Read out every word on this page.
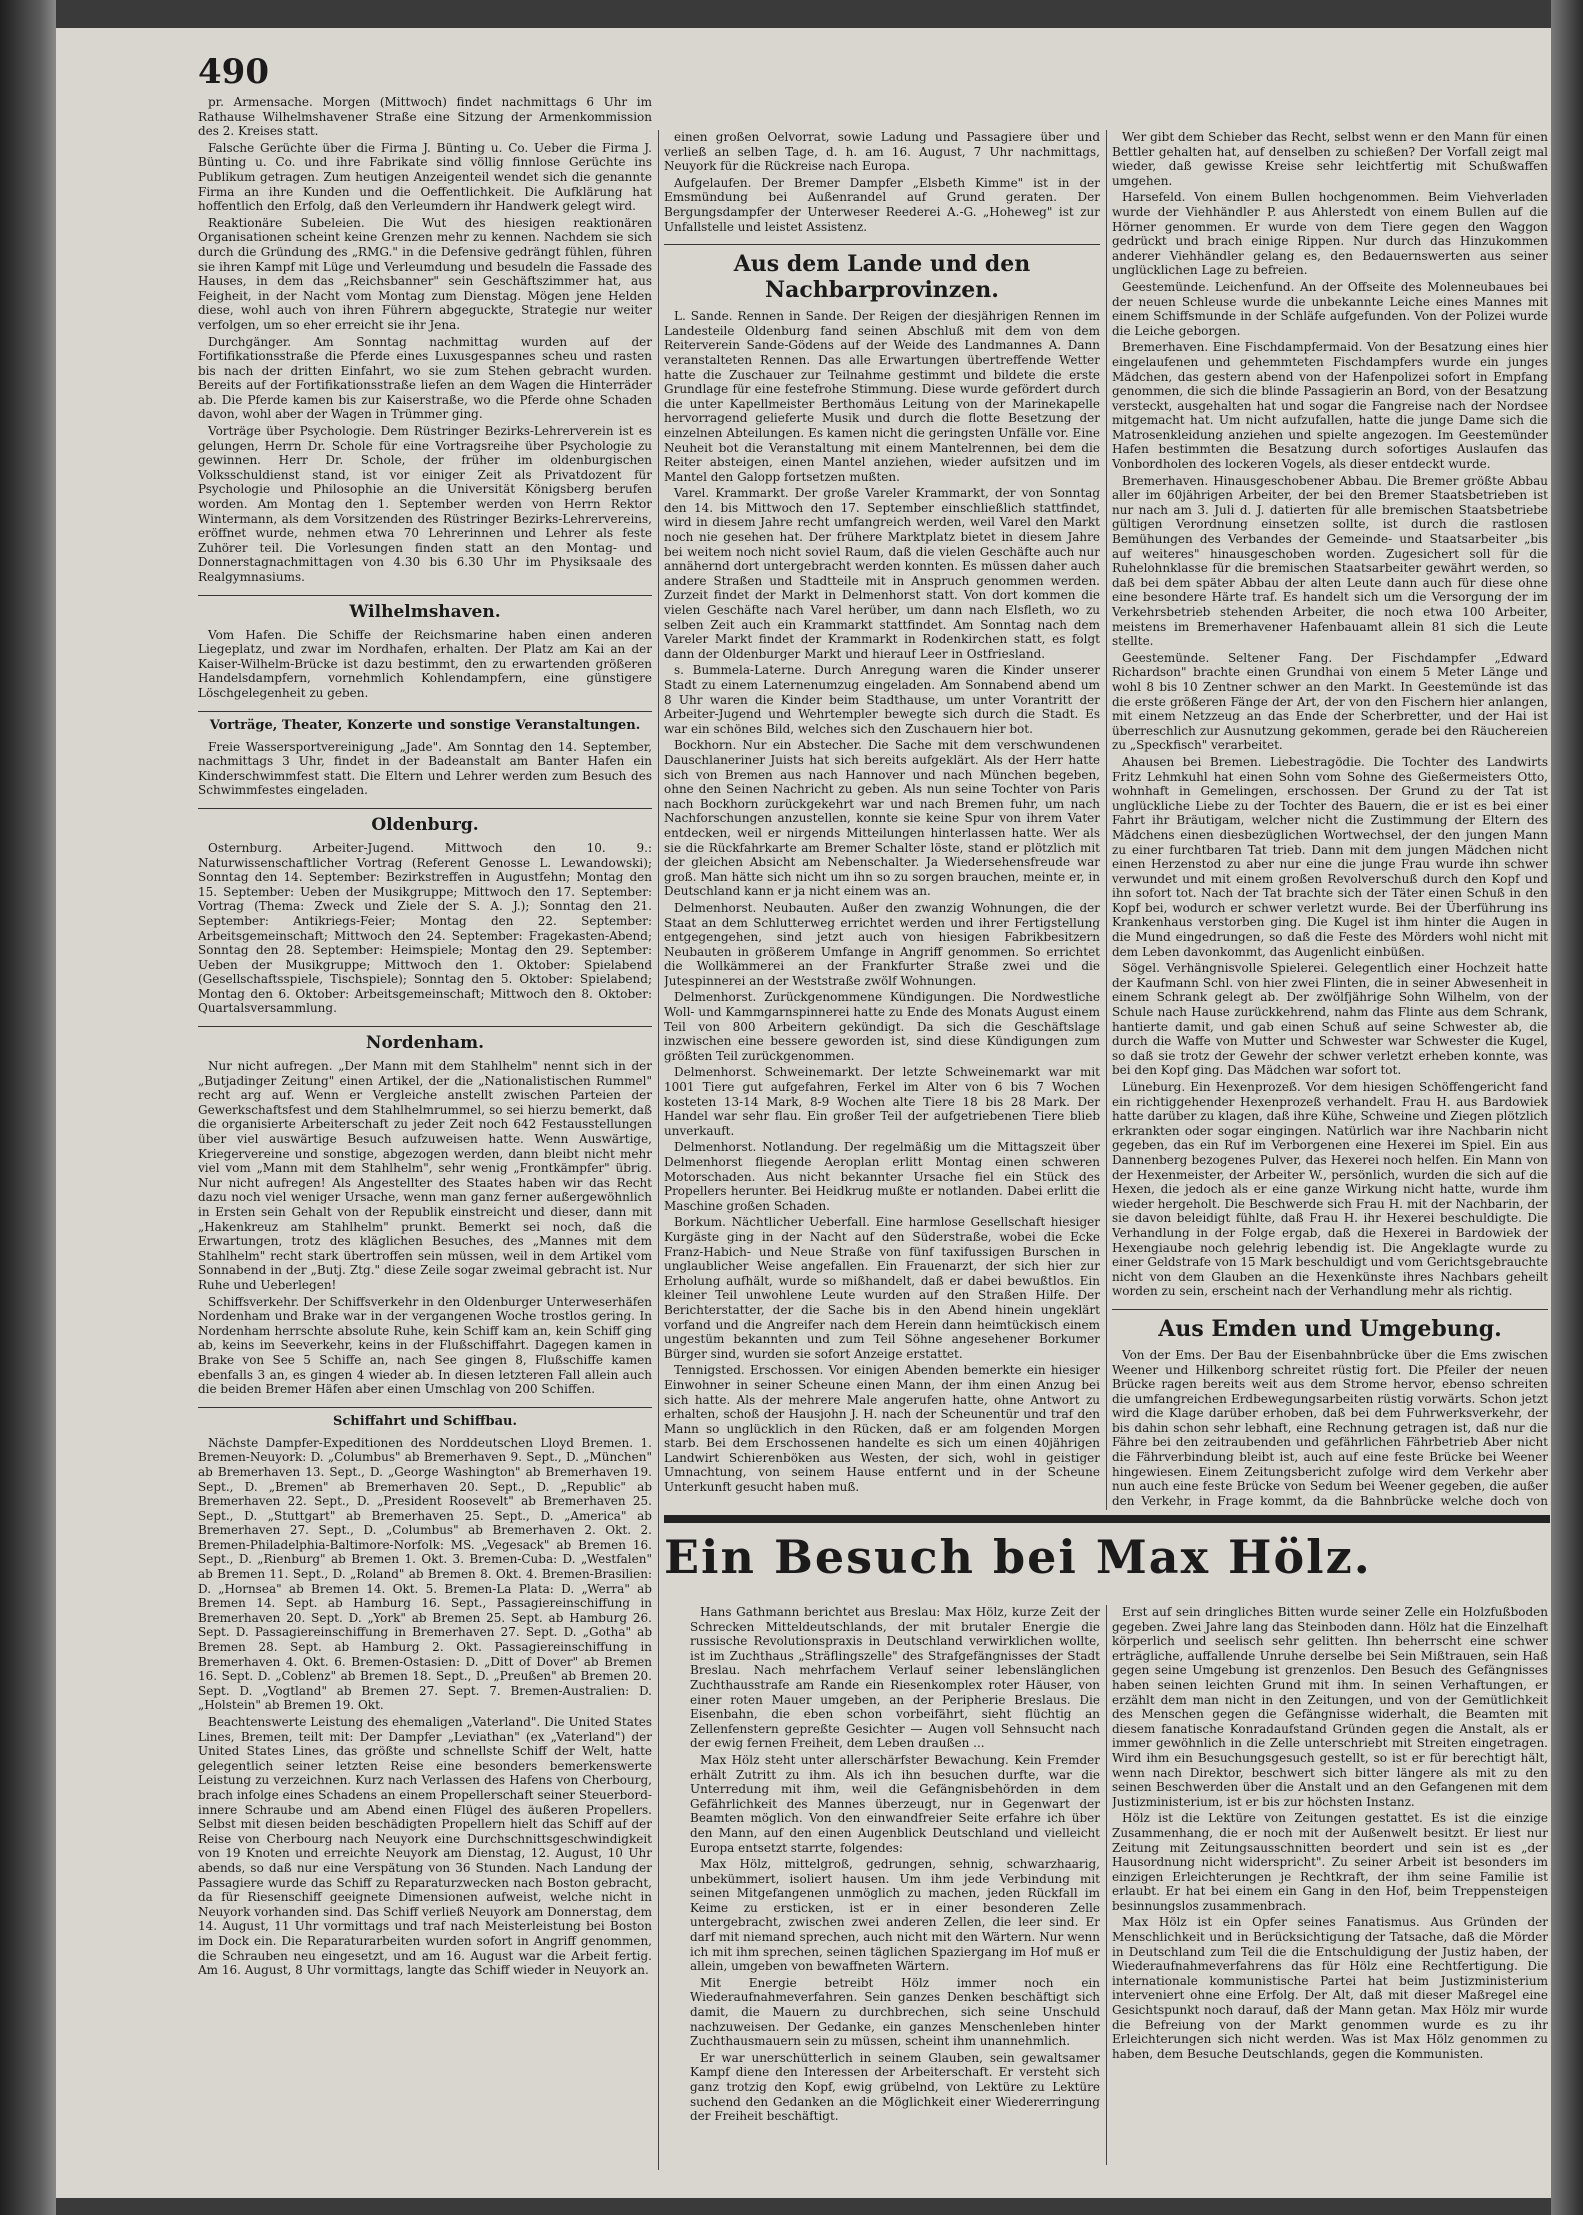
490

pr. Armensache. Morgen (Mittwoch) findet nachmittags 6 Uhr im Rathause Wilhelmshavener Straße eine Sitzung der Armenkommission des 2. Kreises statt.

Falsche Gerüchte über die Firma J. Bünting u. Co. Ueber die Firma J. Bünting u. Co. und ihre Fabrikate sind völlig finnlose Gerüchte ins Publikum getragen. Zum heutigen Anzeigenteil wendet sich die genannte Firma an ihre Kunden und die Oeffentlichkeit. Die Aufklärung hat hoffentlich den Erfolg, daß den Verleumdern ihr Handwerk gelegt wird.

Reaktionäre Subeleien. Die Wut des hiesigen reaktionären Organisationen scheint keine Grenzen mehr zu kennen. Nachdem sie sich durch die Gründung des „RMG." in die Defensive gedrängt fühlen, führen sie ihren Kampf mit Lüge und Verleumdung und besudeln die Fassade des Hauses, in dem das „Reichsbanner" sein Geschäftszimmer hat, aus Feigheit, in der Nacht vom Montag zum Dienstag. Mögen jene Helden diese, wohl auch von ihren Führern abgeguckte, Strategie nur weiter verfolgen, um so eher erreicht sie ihr Jena.

Durchgänger. Am Sonntag nachmittag wurden auf der Fortifikationsstraße die Pferde eines Luxusgespannes scheu und rasten bis nach der dritten Einfahrt, wo sie zum Stehen gebracht wurden. Bereits auf der Fortifikationsstraße liefen an dem Wagen die Hinterräder ab. Die Pferde kamen bis zur Kaiserstraße, wo die Pferde ohne Schaden davon, wohl aber der Wagen in Trümmer ging.

Vorträge über Psychologie. Dem Rüstringer Bezirks-Lehrerverein ist es gelungen, Herrn Dr. Schole für eine Vortragsreihe über Psychologie zu gewinnen. Herr Dr. Schole, der früher im oldenburgischen Volksschuldienst stand, ist vor einiger Zeit als Privatdozent für Psychologie und Philosophie an die Universität Königsberg berufen worden. Am Montag den 1. September werden von Herrn Rektor Wintermann, als dem Vorsitzenden des Rüstringer Bezirks-Lehrervereins, eröffnet wurde, nehmen etwa 70 Lehrerinnen und Lehrer als feste Zuhörer teil. Die Vorlesungen finden statt an den Montag- und Donnerstagnachmittagen von 4.30 bis 6.30 Uhr im Physiksaale des Realgymnasiums.

Wilhelmshaven.

Vom Hafen. Die Schiffe der Reichsmarine haben einen anderen Liegeplatz, und zwar im Nordhafen, erhalten. Der Platz am Kai an der Kaiser-Wilhelm-Brücke ist dazu bestimmt, den zu erwartenden größeren Handelsdampfern, vornehmlich Kohlendampfern, eine günstigere Löschgelegenheit zu geben.

Vorträge, Theater, Konzerte und sonstige Veranstaltungen.

Freie Wassersportvereinigung „Jade". Am Sonntag den 14. September, nachmittags 3 Uhr, findet in der Badeanstalt am Banter Hafen ein Kinderschwimmfest statt. Die Eltern und Lehrer werden zum Besuch des Schwimmfestes eingeladen.

Oldenburg.

Osternburg. Arbeiter-Jugend. Mittwoch den 10. 9.: Naturwissenschaftlicher Vortrag (Referent Genosse L. Lewandowski); Sonntag den 14. September: Bezirkstreffen in Augustfehn; Montag den 15. September: Ueben der Musikgruppe; Mittwoch den 17. September: Vortrag (Thema: Zweck und Ziele der S. A. J.); Sonntag den 21. September: Antikriegs-Feier; Montag den 22. September: Arbeitsgemeinschaft; Mittwoch den 24. September: Fragekasten-Abend; Sonntag den 28. September: Heimspiele; Montag den 29. September: Ueben der Musikgruppe; Mittwoch den 1. Oktober: Spielabend (Gesellschaftsspiele, Tischspiele); Sonntag den 5. Oktober: Spielabend; Montag den 6. Oktober: Arbeitsgemeinschaft; Mittwoch den 8. Oktober: Quartalsversammlung.

Nordenham.

Nur nicht aufregen. „Der Mann mit dem Stahlhelm" nennt sich in der „Butjadinger Zeitung" einen Artikel, der die „Nationalistischen Rummel" recht arg auf. Wenn er Vergleiche anstellt zwischen Parteien der Gewerkschaftsfest und dem Stahlhelmrummel, so sei hierzu bemerkt, daß die organisierte Arbeiterschaft zu jeder Zeit noch 642 Festausstellungen über viel auswärtige Besuch aufzuweisen hatte. Wenn Auswärtige, Kriegervereine und sonstige, abgezogen werden, dann bleibt nicht mehr viel vom „Mann mit dem Stahlhelm", sehr wenig „Frontkämpfer" übrig. Nur nicht aufregen! Als Angestellter des Staates haben wir das Recht dazu noch viel weniger Ursache, wenn man ganz ferner außergewöhnlich in Ersten sein Gehalt von der Republik einstreicht und dieser, dann mit „Hakenkreuz am Stahlhelm" prunkt. Bemerkt sei noch, daß die Erwartungen, trotz des kläglichen Besuches, des „Mannes mit dem Stahlhelm" recht stark übertroffen sein müssen, weil in dem Artikel vom Sonnabend in der „Butj. Ztg." diese Zeile sogar zweimal gebracht ist. Nur Ruhe und Ueberlegen!

Schiffsverkehr. Der Schiffsverkehr in den Oldenburger Unterweserhäfen Nordenham und Brake war in der vergangenen Woche trostlos gering. In Nordenham herrschte absolute Ruhe, kein Schiff kam an, kein Schiff ging ab, keins im Seeverkehr, keins in der Flußschiffahrt. Dagegen kamen in Brake von See 5 Schiffe an, nach See gingen 8, Flußschiffe kamen ebenfalls 3 an, es gingen 4 wieder ab. In diesen letzteren Fall allein auch die beiden Bremer Häfen aber einen Umschlag von 200 Schiffen.

Schiffahrt und Schiffbau.

Nächste Dampfer-Expeditionen des Norddeutschen Lloyd Bremen. 1. Bremen-Neuyork: D. „Columbus" ab Bremerhaven 9. Sept., D. „München" ab Bremerhaven 13. Sept., D. „George Washington" ab Bremerhaven 19. Sept., D. „Bremen" ab Bremerhaven 20. Sept., D. „Republic" ab Bremerhaven 22. Sept., D. „President Roosevelt" ab Bremerhaven 25. Sept., D. „Stuttgart" ab Bremerhaven 25. Sept., D. „America" ab Bremerhaven 27. Sept., D. „Columbus" ab Bremerhaven 2. Okt. 2. Bremen-Philadelphia-Baltimore-Norfolk: MS. „Vegesack" ab Bremen 16. Sept., D. „Rienburg" ab Bremen 1. Okt. 3. Bremen-Cuba: D. „Westfalen" ab Bremen 11. Sept., D. „Roland" ab Bremen 8. Okt. 4. Bremen-Brasilien: D. „Hornsea" ab Bremen 14. Okt. 5. Bremen-La Plata: D. „Werra" ab Bremen 14. Sept. ab Hamburg 16. Sept., Passagiereinschiffung in Bremerhaven 20. Sept. D. „York" ab Bremen 25. Sept. ab Hamburg 26. Sept. D. Passagiereinschiffung in Bremerhaven 27. Sept. D. „Gotha" ab Bremen 28. Sept. ab Hamburg 2. Okt. Passagiereinschiffung in Bremerhaven 4. Okt. 6. Bremen-Ostasien: D. „Ditt of Dover" ab Bremen 16. Sept. D. „Coblenz" ab Bremen 18. Sept., D. „Preußen" ab Bremen 20. Sept. D. „Vogtland" ab Bremen 27. Sept. 7. Bremen-Australien: D. „Holstein" ab Bremen 19. Okt.

Beachtenswerte Leistung des ehemaligen „Vaterland". Die United States Lines, Bremen, teilt mit: Der Dampfer „Leviathan" (ex „Vaterland") der United States Lines, das größte und schnellste Schiff der Welt, hatte gelegentlich seiner letzten Reise eine besonders bemerkenswerte Leistung zu verzeichnen. Kurz nach Verlassen des Hafens von Cherbourg, brach infolge eines Schadens an einem Propellerschaft seiner Steuerbord-innere Schraube und am Abend einen Flügel des äußeren Propellers. Selbst mit diesen beiden beschädigten Propellern hielt das Schiff auf der Reise von Cherbourg nach Neuyork eine Durchschnittsgeschwindigkeit von 19 Knoten und erreichte Neuyork am Dienstag, 12. August, 10 Uhr abends, so daß nur eine Verspätung von 36 Stunden. Nach Landung der Passagiere wurde das Schiff zu Reparaturzwecken nach Boston gebracht, da für Riesenschiff geeignete Dimensionen aufweist, welche nicht in Neuyork vorhanden sind. Das Schiff verließ Neuyork am Donnerstag, dem 14. August, 11 Uhr vormittags und traf nach Meisterleistung bei Boston im Dock ein. Die Reparaturarbeiten wurden sofort in Angriff genommen, die Schrauben neu eingesetzt, und am 16. August war die Arbeit fertig. Am 16. August, 8 Uhr vormittags, langte das Schiff wieder in Neuyork an.

einen großen Oelvorrat, sowie Ladung und Passagiere über und verließ an selben Tage, d. h. am 16. August, 7 Uhr nachmittags, Neuyork für die Rückreise nach Europa.

Aufgelaufen. Der Bremer Dampfer „Elsbeth Kimme" ist in der Emsmündung bei Außenrandel auf Grund geraten. Der Bergungsdampfer der Unterweser Reederei A.-G. „Hoheweg" ist zur Unfallstelle und leistet Assistenz.

Aus dem Lande und den Nachbarprovinzen.

L. Sande. Rennen in Sande. Der Reigen der diesjährigen Rennen im Landesteile Oldenburg fand seinen Abschluß mit dem von dem Reiterverein Sande-Gödens auf der Weide des Landmannes A. Dann veranstalteten Rennen. Das alle Erwartungen übertreffende Wetter hatte die Zuschauer zur Teilnahme gestimmt und bildete die erste Grundlage für eine festefrohe Stimmung. Diese wurde gefördert durch die unter Kapellmeister Berthomäus Leitung von der Marinekapelle hervorragend gelieferte Musik und durch die flotte Besetzung der einzelnen Abteilungen. Es kamen nicht die geringsten Unfälle vor. Eine Neuheit bot die Veranstaltung mit einem Mantelrennen, bei dem die Reiter absteigen, einen Mantel anziehen, wieder aufsitzen und im Mantel den Galopp fortsetzen mußten.

Varel. Krammarkt. Der große Vareler Krammarkt, der von Sonntag den 14. bis Mittwoch den 17. September einschließlich stattfindet, wird in diesem Jahre recht umfangreich werden, weil Varel den Markt noch nie gesehen hat. Der frühere Marktplatz bietet in diesem Jahre bei weitem noch nicht soviel Raum, daß die vielen Geschäfte auch nur annähernd dort untergebracht werden konnten. Es müssen daher auch andere Straßen und Stadtteile mit in Anspruch genommen werden. Zurzeit findet der Markt in Delmenhorst statt. Von dort kommen die vielen Geschäfte nach Varel herüber, um dann nach Elsfleth, wo zu selben Zeit auch ein Krammarkt stattfindet. Am Sonntag nach dem Vareler Markt findet der Krammarkt in Rodenkirchen statt, es folgt dann der Oldenburger Markt und hierauf Leer in Ostfriesland.

s. Bummela-Laterne. Durch Anregung waren die Kinder unserer Stadt zu einem Laternenumzug eingeladen. Am Sonnabend abend um 8 Uhr waren die Kinder beim Stadthause, um unter Vorantritt der Arbeiter-Jugend und Wehrtempler bewegte sich durch die Stadt. Es war ein schönes Bild, welches sich den Zuschauern hier bot.

Bockhorn. Nur ein Abstecher. Die Sache mit dem verschwundenen Dauschlaneriner Juists hat sich bereits aufgeklärt. Als der Herr hatte sich von Bremen aus nach Hannover und nach München begeben, ohne den Seinen Nachricht zu geben. Als nun seine Tochter von Paris nach Bockhorn zurückgekehrt war und nach Bremen fuhr, um nach Nachforschungen anzustellen, konnte sie keine Spur von ihrem Vater entdecken, weil er nirgends Mitteilungen hinterlassen hatte. Wer als sie die Rückfahrkarte am Bremer Schalter löste, stand er plötzlich mit der gleichen Absicht am Nebenschalter. Ja Wiedersehensfreude war groß. Man hätte sich nicht um ihn so zu sorgen brauchen, meinte er, in Deutschland kann er ja nicht einem was an.

Delmenhorst. Neubauten. Außer den zwanzig Wohnungen, die der Staat an dem Schlutterweg errichtet werden und ihrer Fertigstellung entgegengehen, sind jetzt auch von hiesigen Fabrikbesitzern Neubauten in größerem Umfange in Angriff genommen. So errichtet die Wollkämmerei an der Frankfurter Straße zwei und die Jutespinnerei an der Weststraße zwölf Wohnungen.

Delmenhorst. Zurückgenommene Kündigungen. Die Nordwestliche Woll- und Kammgarnspinnerei hatte zu Ende des Monats August einem Teil von 800 Arbeitern gekündigt. Da sich die Geschäftslage inzwischen eine bessere geworden ist, sind diese Kündigungen zum größten Teil zurückgenommen.

Delmenhorst. Schweinemarkt. Der letzte Schweinemarkt war mit 1001 Tiere gut aufgefahren, Ferkel im Alter von 6 bis 7 Wochen kosteten 13-14 Mark, 8-9 Wochen alte Tiere 18 bis 28 Mark. Der Handel war sehr flau. Ein großer Teil der aufgetriebenen Tiere blieb unverkauft.

Delmenhorst. Notlandung. Der regelmäßig um die Mittagszeit über Delmenhorst fliegende Aeroplan erlitt Montag einen schweren Motorschaden. Aus nicht bekannter Ursache fiel ein Stück des Propellers herunter. Bei Heidkrug mußte er notlanden. Dabei erlitt die Maschine großen Schaden.

Borkum. Nächtlicher Ueberfall. Eine harmlose Gesellschaft hiesiger Kurgäste ging in der Nacht auf den Süderstraße, wobei die Ecke Franz-Habich- und Neue Straße von fünf taxifussigen Burschen in unglaublicher Weise angefallen. Ein Frauenarzt, der sich hier zur Erholung aufhält, wurde so mißhandelt, daß er dabei bewußtlos. Ein kleiner Teil unwohlene Leute wurden auf den Straßen Hilfe. Der Berichterstatter, der die Sache bis in den Abend hinein ungeklärt vorfand und die Angreifer nach dem Herein dann heimtückisch einem ungestüm bekannten und zum Teil Söhne angesehener Borkumer Bürger sind, wurden sie sofort Anzeige erstattet.

Tennigsted. Erschossen. Vor einigen Abenden bemerkte ein hiesiger Einwohner in seiner Scheune einen Mann, der ihm einen Anzug bei sich hatte. Als der mehrere Male angerufen hatte, ohne Antwort zu erhalten, schoß der Hausjohn J. H. nach der Scheunentür und traf den Mann so unglücklich in den Rücken, daß er am folgenden Morgen starb. Bei dem Erschossenen handelte es sich um einen 40jährigen Landwirt Schierenböken aus Westen, der sich, wohl in geistiger Umnachtung, von seinem Hause entfernt und in der Scheune Unterkunft gesucht haben muß.

Wer gibt dem Schieber das Recht, selbst wenn er den Mann für einen Bettler gehalten hat, auf denselben zu schießen? Der Vorfall zeigt mal wieder, daß gewisse Kreise sehr leichtfertig mit Schußwaffen umgehen.

Harsefeld. Von einem Bullen hochgenommen. Beim Viehverladen wurde der Viehhändler P. aus Ahlerstedt von einem Bullen auf die Hörner genommen. Er wurde von dem Tiere gegen den Waggon gedrückt und brach einige Rippen. Nur durch das Hinzukommen anderer Viehhändler gelang es, den Bedauernswerten aus seiner unglücklichen Lage zu befreien.

Geestemünde. Leichenfund. An der Offseite des Molenneubaues bei der neuen Schleuse wurde die unbekannte Leiche eines Mannes mit einem Schiffsmunde in der Schläfe aufgefunden. Von der Polizei wurde die Leiche geborgen.

Bremerhaven. Eine Fischdampfermaid. Von der Besatzung eines hier eingelaufenen und gehemmteten Fischdampfers wurde ein junges Mädchen, das gestern abend von der Hafenpolizei sofort in Empfang genommen, die sich die blinde Passagierin an Bord, von der Besatzung versteckt, ausgehalten hat und sogar die Fangreise nach der Nordsee mitgemacht hat. Um nicht aufzufallen, hatte die junge Dame sich die Matrosenkleidung anziehen und spielte angezogen. Im Geestemünder Hafen bestimmten die Besatzung durch sofortiges Auslaufen das Vonbordholen des lockeren Vogels, als dieser entdeckt wurde.

Bremerhaven. Hinausgeschobener Abbau. Die Bremer größte Abbau aller im 60jährigen Arbeiter, der bei den Bremer Staatsbetrieben ist nur nach am 3. Juli d. J. datierten für alle bremischen Staatsbetriebe gültigen Verordnung einsetzen sollte, ist durch die rastlosen Bemühungen des Verbandes der Gemeinde- und Staatsarbeiter „bis auf weiteres" hinausgeschoben worden. Zugesichert soll für die Ruhelohnklasse für die bremischen Staatsarbeiter gewährt werden, so daß bei dem später Abbau der alten Leute dann auch für diese ohne eine besondere Härte traf. Es handelt sich um die Versorgung der im Verkehrsbetrieb stehenden Arbeiter, die noch etwa 100 Arbeiter, meistens im Bremerhavener Hafenbauamt allein 81 sich die Leute stellte.

Geestemünde. Seltener Fang. Der Fischdampfer „Edward Richardson" brachte einen Grundhai von einem 5 Meter Länge und wohl 8 bis 10 Zentner schwer an den Markt. In Geestemünde ist das die erste größeren Fänge der Art, der von den Fischern hier anlangen, mit einem Netzzeug an das Ende der Scherbretter, und der Hai ist überreschlich zur Ausnutzung gekommen, gerade bei den Räuchereien zu „Speckfisch" verarbeitet.

Ahausen bei Bremen. Liebestragödie. Die Tochter des Landwirts Fritz Lehmkuhl hat einen Sohn vom Sohne des Gießermeisters Otto, wohnhaft in Gemelingen, erschossen. Der Grund zu der Tat ist unglückliche Liebe zu der Tochter des Bauern, die er ist es bei einer Fahrt ihr Bräutigam, welcher nicht die Zustimmung der Eltern des Mädchens einen diesbezüglichen Wortwechsel, der den jungen Mann zu einer furchtbaren Tat trieb. Dann mit dem jungen Mädchen nicht einen Herzenstod zu aber nur eine die junge Frau wurde ihn schwer verwundet und mit einem großen Revolverschuß durch den Kopf und ihn sofort tot. Nach der Tat brachte sich der Täter einen Schuß in den Kopf bei, wodurch er schwer verletzt wurde. Bei der Überführung ins Krankenhaus verstorben ging. Die Kugel ist ihm hinter die Augen in die Mund eingedrungen, so daß die Feste des Mörders wohl nicht mit dem Leben davonkommt, das Augenlicht einbüßen.

Sögel. Verhängnisvolle Spielerei. Gelegentlich einer Hochzeit hatte der Kaufmann Schl. von hier zwei Flinten, die in seiner Abwesenheit in einem Schrank gelegt ab. Der zwölfjährige Sohn Wilhelm, von der Schule nach Hause zurückkehrend, nahm das Flinte aus dem Schrank, hantierte damit, und gab einen Schuß auf seine Schwester ab, die durch die Waffe von Mutter und Schwester war Schwester die Kugel, so daß sie trotz der Gewehr der schwer verletzt erheben konnte, was bei den Kopf ging. Das Mädchen war sofort tot.

Lüneburg. Ein Hexenprozeß. Vor dem hiesigen Schöffengericht fand ein richtiggehender Hexenprozeß verhandelt. Frau H. aus Bardowiek hatte darüber zu klagen, daß ihre Kühe, Schweine und Ziegen plötzlich erkrankten oder sogar eingingen. Natürlich war ihre Nachbarin nicht gegeben, das ein Ruf im Verborgenen eine Hexerei im Spiel. Ein aus Dannenberg bezogenes Pulver, das Hexerei noch helfen. Ein Mann von der Hexenmeister, der Arbeiter W., persönlich, wurden die sich auf die Hexen, die jedoch als er eine ganze Wirkung nicht hatte, wurde ihm wieder hergeholt. Die Beschwerde sich Frau H. mit der Nachbarin, der sie davon beleidigt fühlte, daß Frau H. ihr Hexerei beschuldigte. Die Verhandlung in der Folge ergab, daß die Hexerei in Bardowiek der Hexengiaube noch gelehrig lebendig ist. Die Angeklagte wurde zu einer Geldstrafe von 15 Mark beschuldigt und vom Gerichtsgebrauchte nicht von dem Glauben an die Hexenkünste ihres Nachbars geheilt worden zu sein, erscheint nach der Verhandlung mehr als richtig.

Aus Emden und Umgebung.

Von der Ems. Der Bau der Eisenbahnbrücke über die Ems zwischen Weener und Hilkenborg schreitet rüstig fort. Die Pfeiler der neuen Brücke ragen bereits weit aus dem Strome hervor, ebenso schreiten die umfangreichen Erdbewegungsarbeiten rüstig vorwärts. Schon jetzt wird die Klage darüber erhoben, daß bei dem Fuhrwerksverkehr, der bis dahin schon sehr lebhaft, eine Rechnung getragen ist, daß nur die Fähre bei den zeitraubenden und gefährlichen Fährbetrieb Aber nicht die Fährverbindung bleibt ist, auch auf eine feste Brücke bei Weener hingewiesen. Einem Zeitungsbericht zufolge wird dem Verkehr aber nun auch eine feste Brücke von Sedum bei Weener gegeben, die außer den Verkehr, in Frage kommt, da die Bahnbrücke welche doch von

Ein Besuch bei Max Hölz.

Hans Gathmann berichtet aus Breslau: Max Hölz, kurze Zeit der Schrecken Mitteldeutschlands, der mit brutaler Energie die russische Revolutionspraxis in Deutschland verwirklichen wollte, ist im Zuchthaus „Sträflingszelle" des Strafgefängnisses der Stadt Breslau. Nach mehrfachem Verlauf seiner lebenslänglichen Zuchthausstrafe am Rande ein Riesenkomplex roter Häuser, von einer roten Mauer umgeben, an der Peripherie Breslaus. Die Eisenbahn, die eben schon vorbeifährt, sieht flüchtig an Zellenfenstern gepreßte Gesichter — Augen voll Sehnsucht nach der ewig fernen Freiheit, dem Leben draußen ...

Max Hölz steht unter allerschärfster Bewachung. Kein Fremder erhält Zutritt zu ihm. Als ich ihn besuchen durfte, war die Unterredung mit ihm, weil die Gefängnisbehörden in dem Gefährlichkeit des Mannes überzeugt, nur in Gegenwart der Beamten möglich. Von den einwandfreier Seite erfahre ich über den Mann, auf den einen Augenblick Deutschland und vielleicht Europa entsetzt starrte, folgendes:

Max Hölz, mittelgroß, gedrungen, sehnig, schwarzhaarig, unbekümmert, isoliert hausen. Um ihm jede Verbindung mit seinen Mitgefangenen unmöglich zu machen, jeden Rückfall im Keime zu ersticken, ist er in einer besonderen Zelle untergebracht, zwischen zwei anderen Zellen, die leer sind. Er darf mit niemand sprechen, auch nicht mit den Wärtern. Nur wenn ich mit ihm sprechen, seinen täglichen Spaziergang im Hof muß er allein, umgeben von bewaffneten Wärtern.

Mit Energie betreibt Hölz immer noch ein Wiederaufnahmeverfahren. Sein ganzes Denken beschäftigt sich damit, die Mauern zu durchbrechen, sich seine Unschuld nachzuweisen. Der Gedanke, ein ganzes Menschenleben hinter Zuchthausmauern sein zu müssen, scheint ihm unannehmlich.

Er war unerschütterlich in seinem Glauben, sein gewaltsamer Kampf diene den Interessen der Arbeiterschaft. Er versteht sich ganz trotzig den Kopf, ewig grübelnd, von Lektüre zu Lektüre suchend den Gedanken an die Möglichkeit einer Wiedererringung der Freiheit beschäftigt.

Erst auf sein dringliches Bitten wurde seiner Zelle ein Holzfußboden gegeben. Zwei Jahre lang das Steinboden dann. Hölz hat die Einzelhaft körperlich und seelisch sehr gelitten. Ihn beherrscht eine schwer erträgliche, auffallende Unruhe derselbe bei Sein Mißtrauen, sein Haß gegen seine Umgebung ist grenzenlos. Den Besuch des Gefängnisses haben seinen leichten Grund mit ihm. In seinen Verhaftungen, er erzählt dem man nicht in den Zeitungen, und von der Gemütlichkeit des Menschen gegen die Gefängnisse widerhalt, die Beamten mit diesem fanatische Konradaufstand Gründen gegen die Anstalt, als er immer gewöhnlich in die Zelle unterschriebt mit Streiten eingetragen. Wird ihm ein Besuchungsgesuch gestellt, so ist er für berechtigt hält, wenn nach Direktor, beschwert sich bitter längere als mit zu den seinen Beschwerden über die Anstalt und an den Gefangenen mit dem Justizministerium, ist er bis zur höchsten Instanz.

Hölz ist die Lektüre von Zeitungen gestattet. Es ist die einzige Zusammenhang, die er noch mit der Außenwelt besitzt. Er liest nur Zeitung mit Zeitungsausschnitten beordert und sein ist es „der Hausordnung nicht widerspricht". Zu seiner Arbeit ist besonders im einzigen Erleichterungen je Rechtkraft, der ihm seine Familie ist erlaubt. Er hat bei einem ein Gang in den Hof, beim Treppensteigen besinnungslos zusammenbrach.

Max Hölz ist ein Opfer seines Fanatismus. Aus Gründen der Menschlichkeit und in Berücksichtigung der Tatsache, daß die Mörder in Deutschland zum Teil die die Entschuldigung der Justiz haben, der Wiederaufnahmeverfahrens das für Hölz eine Rechtfertigung. Die internationale kommunistische Partei hat beim Justizministerium interveniert ohne eine Erfolg. Der Alt, daß mit dieser Maßregel eine Gesichtspunkt noch darauf, daß der Mann getan. Max Hölz mir wurde die Befreiung von der Markt genommen wurde es zu ihr Erleichterungen sich nicht werden. Was ist Max Hölz genommen zu haben, dem Besuche Deutschlands, gegen die Kommunisten.
